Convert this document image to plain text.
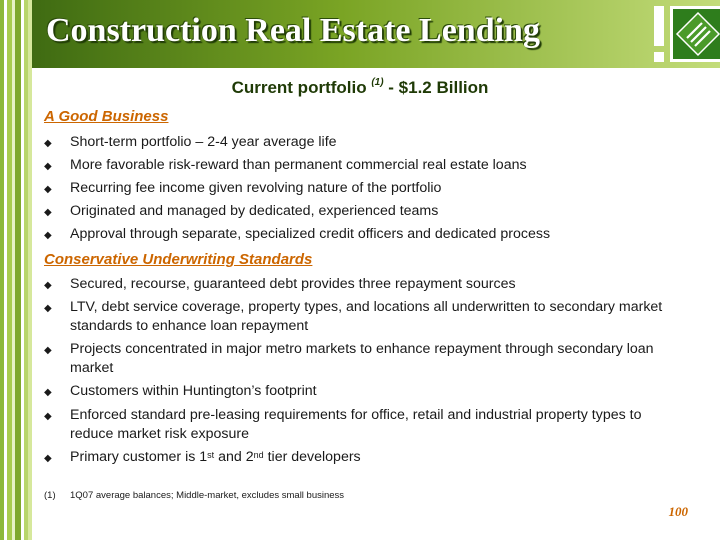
Construction Real Estate Lending
Current portfolio $^{(1)}$ - $1.2 Billion
A Good Business
◆ Short-term portfolio – 2-4 year average life
◆ More favorable risk-reward than permanent commercial real estate loans
◆ Recurring fee income given revolving nature of the portfolio
◆ Originated and managed by dedicated, experienced teams
◆ Approval through separate, specialized credit officers and dedicated process
Conservative Underwriting Standards
◆ Secured, recourse, guaranteed debt provides three repayment sources
◆ LTV, debt service coverage, property types, and locations all underwritten to secondary market standards to enhance loan repayment
◆ Projects concentrated in major metro markets to enhance repayment through secondary loan market
◆ Customers within Huntington’s footprint
◆ Enforced standard pre-leasing requirements for office, retail and industrial property types to reduce market risk exposure
◆ Primary customer is 1st and 2nd tier developers
(1) 1Q07 average balances; Middle-market, excludes small business
100
